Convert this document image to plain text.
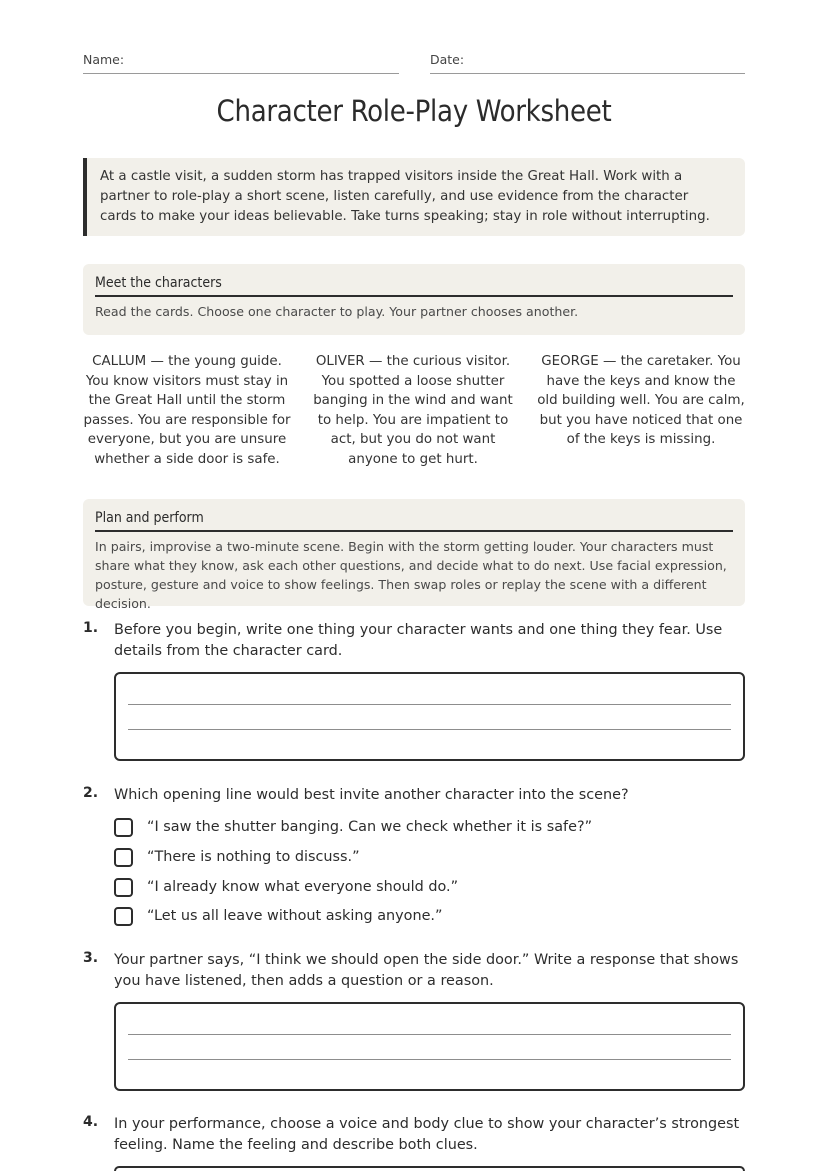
Name:	Date:
Character Role-Play Worksheet
At a castle visit, a sudden storm has trapped visitors inside the Great Hall. Work with a partner to role-play a short scene, listen carefully, and use evidence from the character cards to make your ideas believable. Take turns speaking; stay in role without interrupting.
Meet the characters
Read the cards. Choose one character to play. Your partner chooses another.
CALLUM — the young guide. You know visitors must stay in the Great Hall until the storm passes. You are responsible for everyone, but you are unsure whether a side door is safe.
OLIVER — the curious visitor. You spotted a loose shutter banging in the wind and want to help. You are impatient to act, but you do not want anyone to get hurt.
GEORGE — the caretaker. You have the keys and know the old building well. You are calm, but you have noticed that one of the keys is missing.
Plan and perform
In pairs, improvise a two-minute scene. Begin with the storm getting louder. Your characters must share what they know, ask each other questions, and decide what to do next. Use facial expression, posture, gesture and voice to show feelings. Then swap roles or replay the scene with a different decision.
1. Before you begin, write one thing your character wants and one thing they fear. Use details from the character card.
2. Which opening line would best invite another character into the scene?
“I saw the shutter banging. Can we check whether it is safe?”
“There is nothing to discuss.”
“I already know what everyone should do.”
“Let us all leave without asking anyone.”
3. Your partner says, “I think we should open the side door.” Write a response that shows you have listened, then adds a question or a reason.
4. In your performance, choose a voice and body clue to show your character’s strongest feeling. Name the feeling and describe both clues.
